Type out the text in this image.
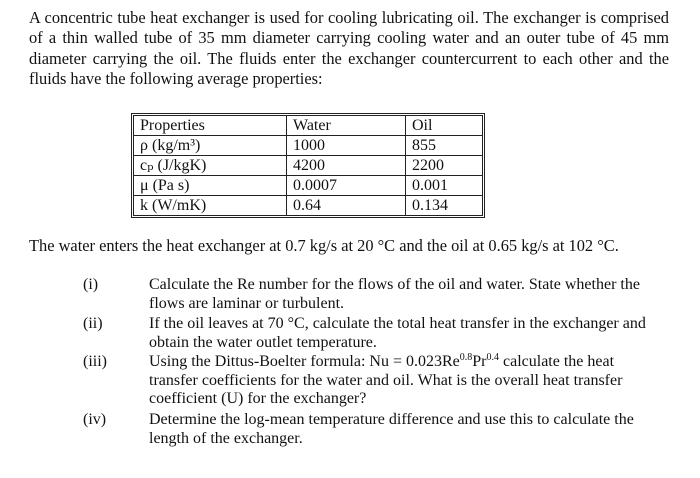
A concentric tube heat exchanger is used for cooling lubricating oil. The exchanger is comprised of a thin walled tube of 35 mm diameter carrying cooling water and an outer tube of 45 mm diameter carrying the oil. The fluids enter the exchanger countercurrent to each other and the fluids have the following average properties:

Properties	Water	Oil
ρ (kg/m³)	1000	855
cₚ (J/kgK)	4200	2200
μ (Pa s)	0.0007	0.001
k (W/mK)	0.64	0.134

The water enters the heat exchanger at 0.7 kg/s at 20 °C and the oil at 0.65 kg/s at 102 °C.

(i)	Calculate the Re number for the flows of the oil and water. State whether the flows are laminar or turbulent.
(ii)	If the oil leaves at 70 °C, calculate the total heat transfer in the exchanger and obtain the water outlet temperature.
(iii)	Using the Dittus-Boelter formula: $Nu = 0.023Re^{0.8}Pr^{0.4}$ calculate the heat transfer coefficients for the water and oil. What is the overall heat transfer coefficient (U) for the exchanger?
(iv)	Determine the log-mean temperature difference and use this to calculate the length of the exchanger.
